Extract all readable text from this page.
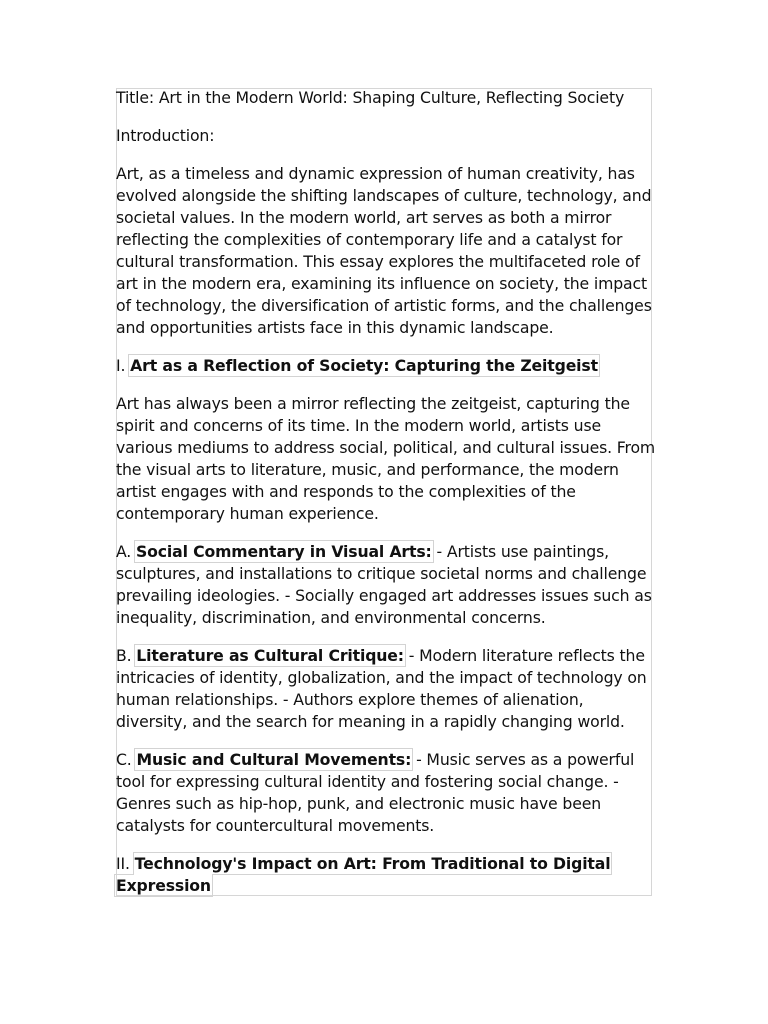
Title: Art in the Modern World: Shaping Culture, Reflecting Society

Introduction:

Art, as a timeless and dynamic expression of human creativity, has evolved alongside the shifting landscapes of culture, technology, and societal values. In the modern world, art serves as both a mirror reflecting the complexities of contemporary life and a catalyst for cultural transformation. This essay explores the multifaceted role of art in the modern era, examining its influence on society, the impact of technology, the diversification of artistic forms, and the challenges and opportunities artists face in this dynamic landscape.

I. Art as a Reflection of Society: Capturing the Zeitgeist

Art has always been a mirror reflecting the zeitgeist, capturing the spirit and concerns of its time. In the modern world, artists use various mediums to address social, political, and cultural issues. From the visual arts to literature, music, and performance, the modern artist engages with and responds to the complexities of the contemporary human experience.

A. Social Commentary in Visual Arts: - Artists use paintings, sculptures, and installations to critique societal norms and challenge prevailing ideologies. - Socially engaged art addresses issues such as inequality, discrimination, and environmental concerns.

B. Literature as Cultural Critique: - Modern literature reflects the intricacies of identity, globalization, and the impact of technology on human relationships. - Authors explore themes of alienation, diversity, and the search for meaning in a rapidly changing world.

C. Music and Cultural Movements: - Music serves as a powerful tool for expressing cultural identity and fostering social change. - Genres such as hip-hop, punk, and electronic music have been catalysts for countercultural movements.

II. Technology's Impact on Art: From Traditional to Digital Expression
